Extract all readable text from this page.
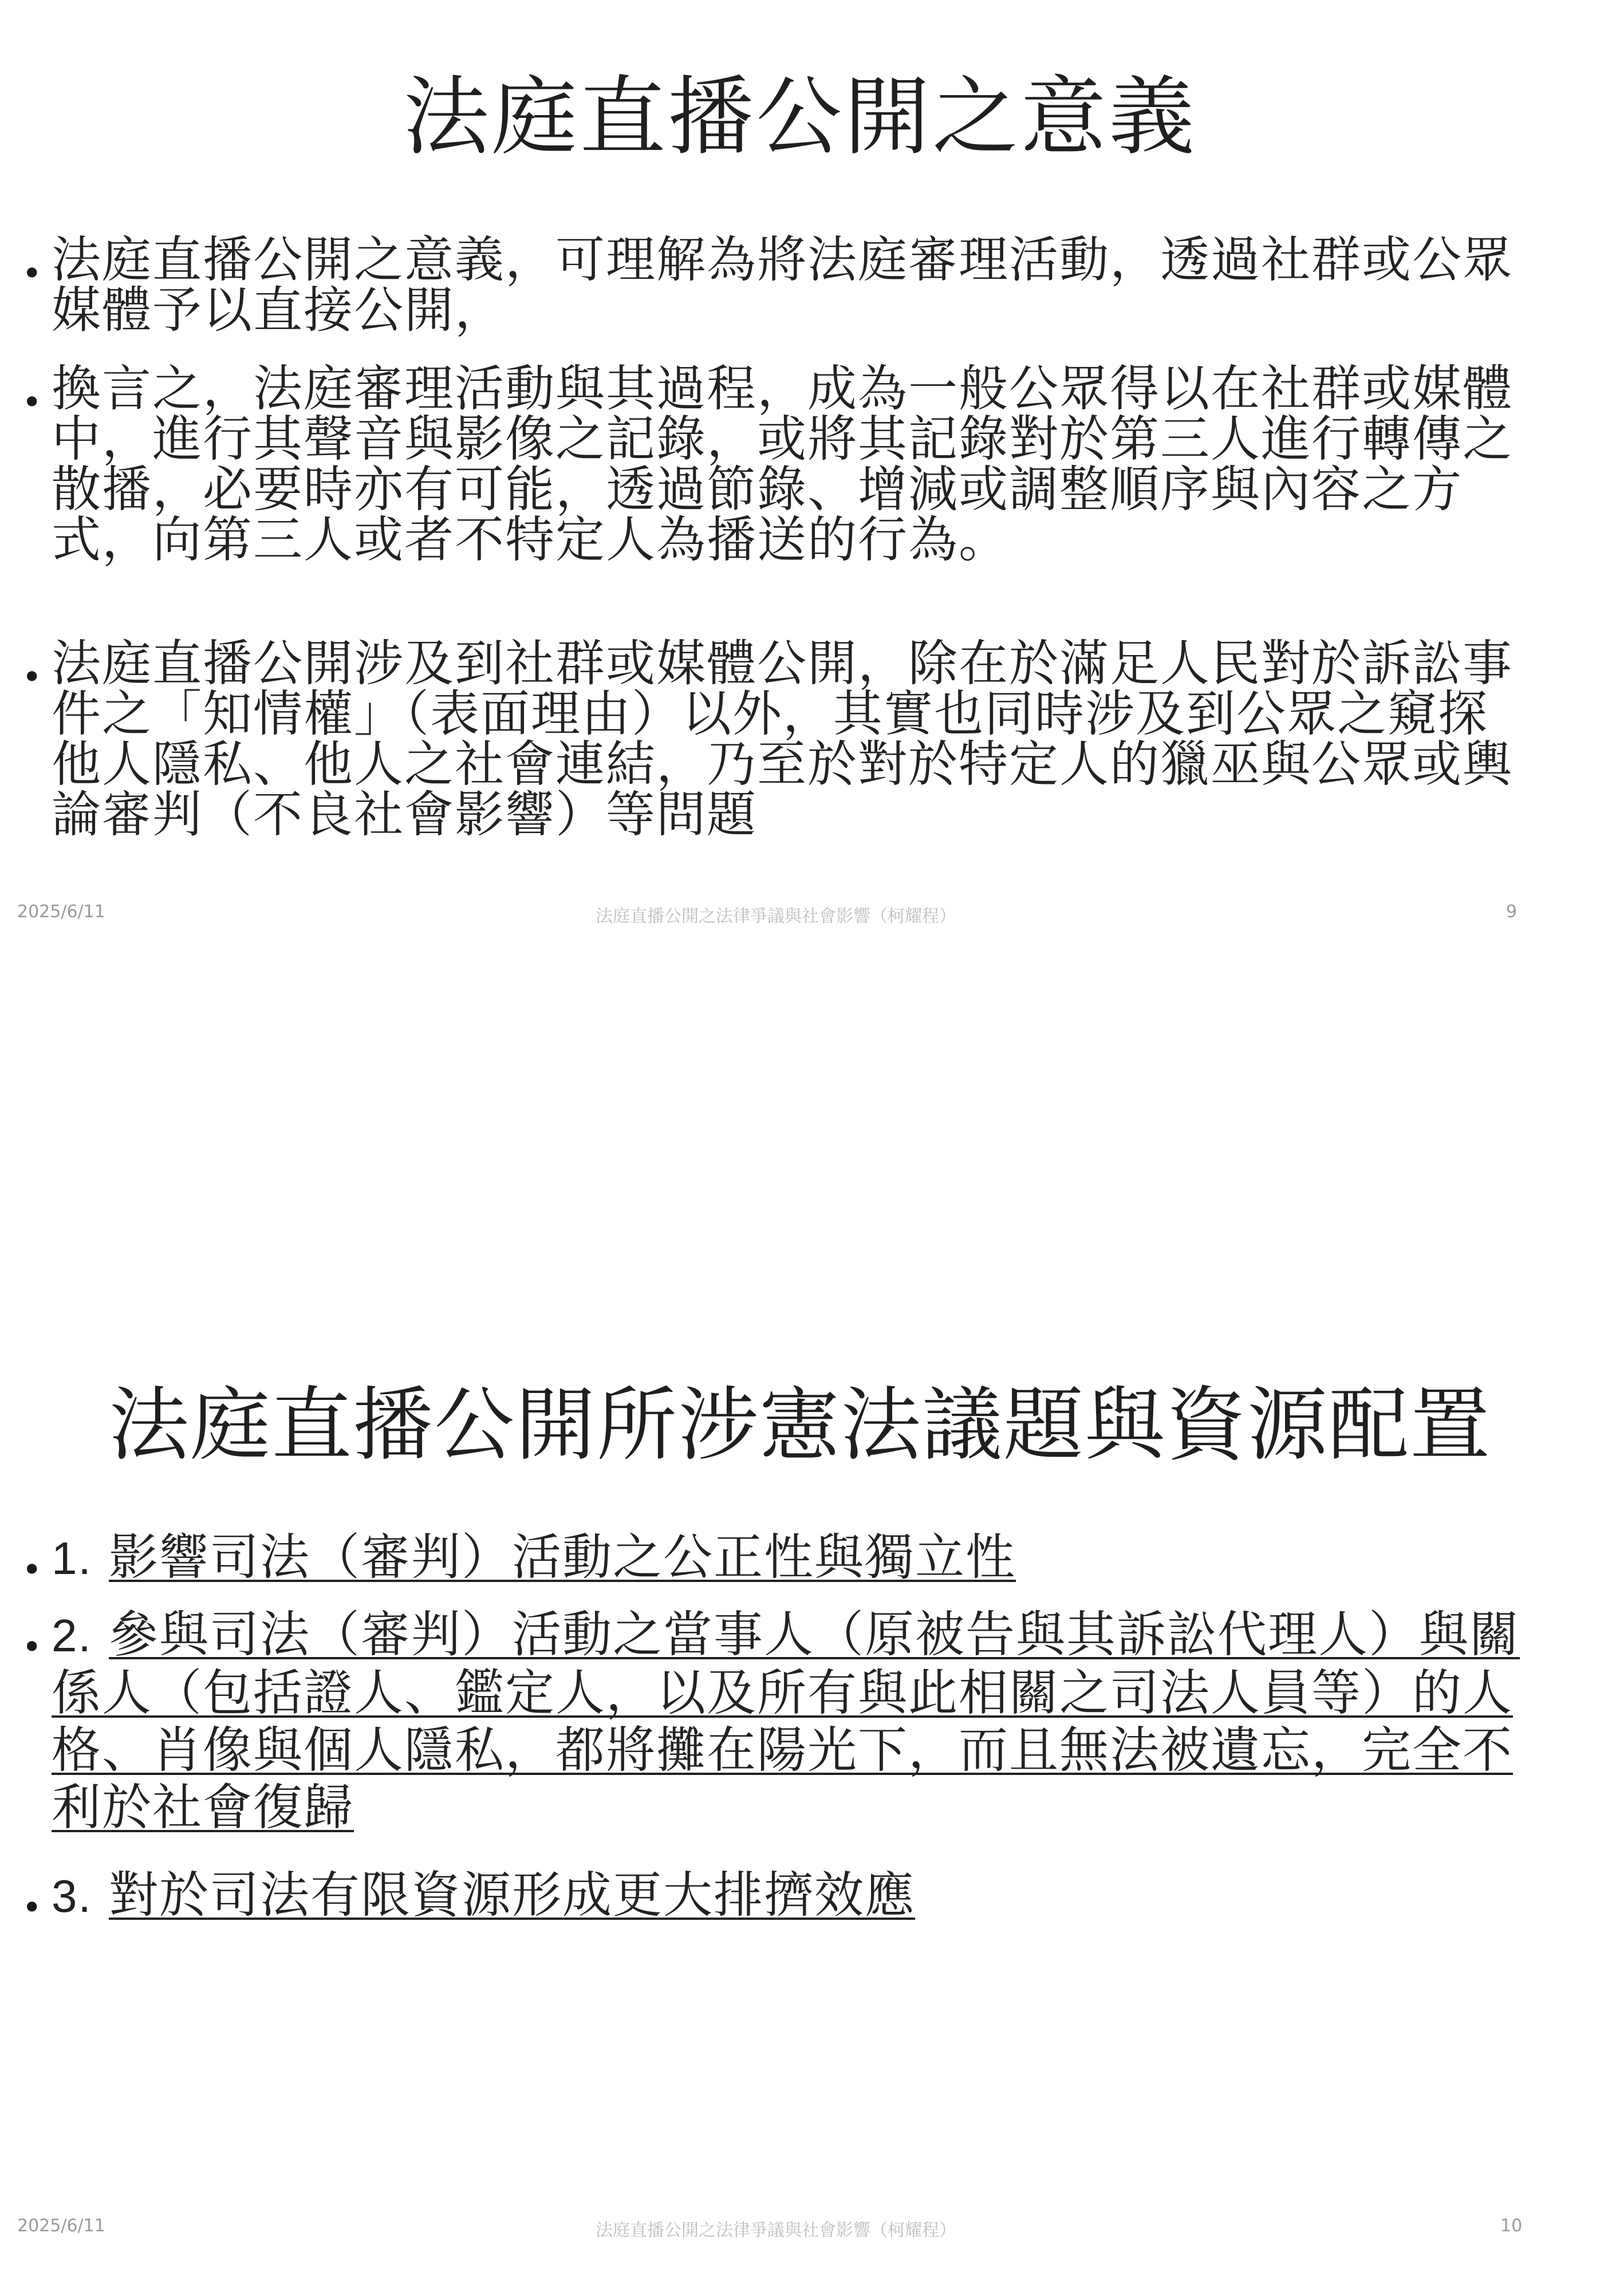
法庭直播公開之意義
• 法庭直播公開之意義，可理解為將法庭審理活動，透過社群或公眾媒體予以直接公開，
• 換言之，法庭審理活動與其過程，成為一般公眾得以在社群或媒體中，進行其聲音與影像之記錄，或將其記錄對於第三人進行轉傳之散播，必要時亦有可能，透過節錄、增減或調整順序與內容之方式，向第三人或者不特定人為播送的行為。
• 法庭直播公開涉及到社群或媒體公開，除在於滿足人民對於訴訟事件之「知情權」（表面理由）以外，其實也同時涉及到公眾之窺探他人隱私、他人之社會連結，乃至於對於特定人的獵巫與公眾或輿論審判（不良社會影響）等問題
2025/6/11	法庭直播公開之法律爭議與社會影響（柯耀程）	9
法庭直播公開所涉憲法議題與資源配置
• 1. 影響司法（審判）活動之公正性與獨立性
• 2. 參與司法（審判）活動之當事人（原被告與其訴訟代理人）與關係人（包括證人、鑑定人，以及所有與此相關之司法人員等）的人格、肖像與個人隱私，都將攤在陽光下，而且無法被遺忘，完全不利於社會復歸
• 3. 對於司法有限資源形成更大排擠效應
2025/6/11	法庭直播公開之法律爭議與社會影響（柯耀程）	10
